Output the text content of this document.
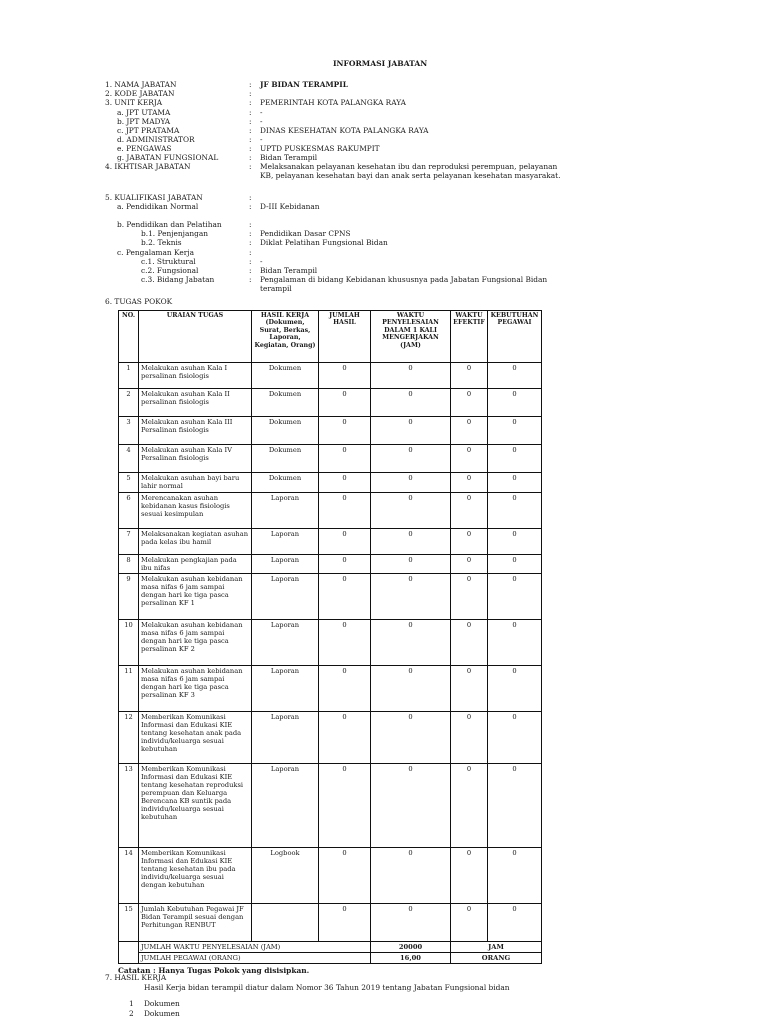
INFORMASI JABATAN
1. NAMA JABATAN	: JF BIDAN TERAMPIL
2. KODE JABATAN	:
3. UNIT KERJA	: PEMERINTAH KOTA PALANGKA RAYA
a. JPT UTAMA	: -
b. JPT MADYA	: -
c. JPT PRATAMA	: DINAS KESEHATAN KOTA PALANGKA RAYA
d. ADMINISTRATOR	: -
e. PENGAWAS	: UPTD PUSKESMAS RAKUMPIT
g. JABATAN FUNGSIONAL	: Bidan Terampil
4. IKHTISAR JABATAN	: Melaksanakan pelayanan kesehatan ibu dan reproduksi perempuan, pelayanan
KB, pelayanan kesehatan bayi dan anak serta pelayanan kesehatan masyarakat.
5. KUALIFIKASI JABATAN	:
a. Pendidikan Normal	: D-III Kebidanan
b. Pendidikan dan Pelatihan	:
b.1. Penjenjangan	: Pendidikan Dasar CPNS
b.2. Teknis	: Diklat Pelatihan Fungsional Bidan
c. Pengalaman Kerja	:
c.1. Struktural	: -
c.2. Fungsional	: Bidan Terampil
c.3. Bidang Jabatan	: Pengalaman di bidang Kebidanan khususnya pada Jabatan Fungsional Bidan
terampil
6. TUGAS POKOK
NO.	URAIAN TUGAS	HASIL KERJA (Dokumen, Surat, Berkas, Laporan, Kegiatan, Orang)	JUMLAH HASIL	WAKTU PENYELESAIAN DALAM 1 KALI MENGERJAKAN (JAM)	WAKTU EFEKTIF	KEBUTUHAN PEGAWAI
1	Melakukan asuhan Kala I persalinan fisiologis	Dokumen	0	0	0	0
2	Melakukan asuhan Kala II persalinan fisiologis	Dokumen	0	0	0	0
3	Melakukan asuhan Kala III Persalinan fisiologis	Dokumen	0	0	0	0
4	Melakukan asuhan Kala IV Persalinan fisiologis	Dokumen	0	0	0	0
5	Melakukan asuhan bayi baru lahir normal	Dokumen	0	0	0	0
6	Merencanakan asuhan kebidanan kasus fisiologis sesuai kesimpulan	Laporan	0	0	0	0
7	Melaksanakan kegiatan asuhan pada kelas ibu hamil	Laporan	0	0	0	0
8	Melakukan pengkajian pada ibu nifas	Laporan	0	0	0	0
9	Melakukan asuhan kebidanan masa nifas 6 jam sampai dengan hari ke tiga pasca persalinan KF 1	Laporan	0	0	0	0
10	Melakukan asuhan kebidanan masa nifas 6 jam sampai dengan hari ke tiga pasca persalinan KF 2	Laporan	0	0	0	0
11	Melakukan asuhan kebidanan masa nifas 6 jam sampai dengan hari ke tiga pasca persalinan KF 3	Laporan	0	0	0	0
12	Memberikan Komunikasi Informasi dan Edukasi KIE tentang kesehatan anak pada individu/keluarga sesuai kebutuhan	Laporan	0	0	0	0
13	Memberikan Komunikasi Informasi dan Edukasi KIE tentang kesehatan reproduksi perempuan dan Keluarga Berencana KB suntik pada individu/keluarga sesuai kebutuhan	Laporan	0	0	0	0
14	Memberikan Komunikasi Informasi dan Edukasi KIE tentang kesehatan ibu pada individu/keluarga sesuai dengan kebutuhan	Logbook	0	0	0	0
15	Jumlah Kebutuhan Pegawai JF Bidan Terampil sesuai dengan Perhitungan RENBUT		0	0	0	0
	JUMLAH WAKTU PENYELESAIAN (JAM)			20000	JAM	
	JUMLAH PEGAWAI (ORANG)			16,00	ORANG	
Catatan : Hanya Tugas Pokok yang disisipkan.
7. HASIL KERJA
Hasil Kerja bidan terampil diatur dalam Nomor 36 Tahun 2019 tentang Jabatan Fungsional bidan
1 Dokumen
2 Dokumen
